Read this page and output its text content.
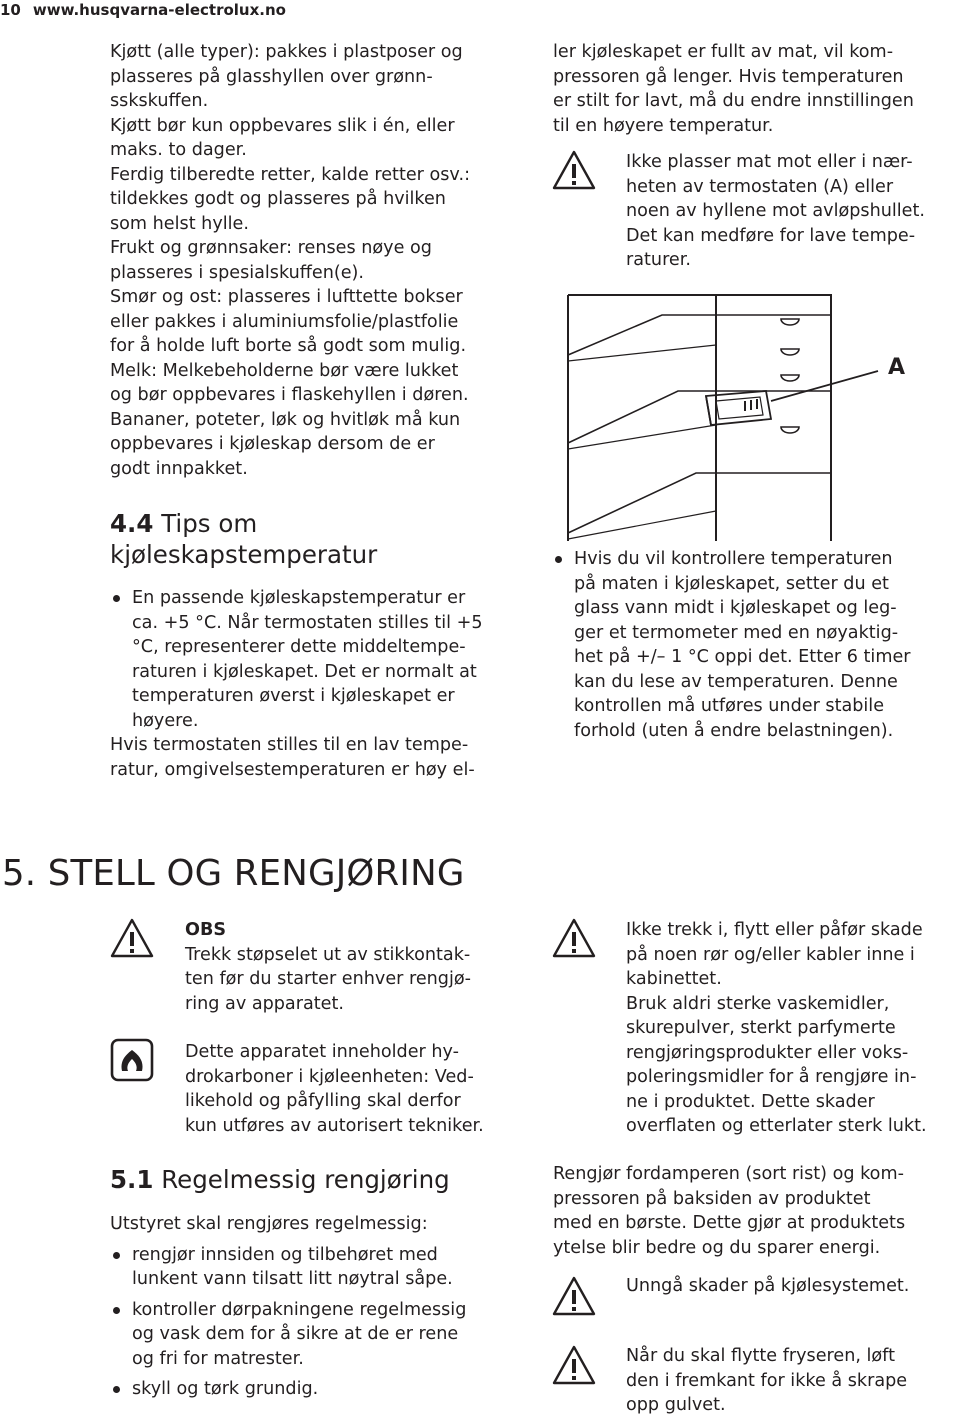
10 www.husqvarna-electrolux.no
Kjøtt (alle typer): pakkes i plastposer og
plasseres på glasshyllen over grønn-
sskskuffen.
Kjøtt bør kun oppbevares slik i én, eller
maks. to dager.
Ferdig tilberedte retter, kalde retter osv.:
tildekkes godt og plasseres på hvilken
som helst hylle.
Frukt og grønnsaker: renses nøye og
plasseres i spesialskuffen(e).
Smør og ost: plasseres i lufttette bokser
eller pakkes i aluminiumsfolie/plastfolie
for å holde luft borte så godt som mulig.
Melk: Melkebeholderne bør være lukket
og bør oppbevares i flaskehyllen i døren.
Bananer, poteter, løk og hvitløk må kun
oppbevares i kjøleskap dersom de er
godt innpakket.
4.4 Tips om
kjøleskapstemperatur
En passende kjøleskapstemperatur er
ca. +5 °C. Når termostaten stilles til +5
°C, representerer dette middeltempe-
raturen i kjøleskapet. Det er normalt at
temperaturen øverst i kjøleskapet er
høyere.
Hvis termostaten stilles til en lav tempe-
ratur, omgivelsestemperaturen er høy el-
ler kjøleskapet er fullt av mat, vil kom-
pressoren gå lenger. Hvis temperaturen
er stilt for lavt, må du endre innstillingen
til en høyere temperatur.
Ikke plasser mat mot eller i nær-
heten av termostaten (A) eller
noen av hyllene mot avløpshullet.
Det kan medføre for lave tempe-
raturer.
A
Hvis du vil kontrollere temperaturen
på maten i kjøleskapet, setter du et
glass vann midt i kjøleskapet og leg-
ger et termometer med en nøyaktig-
het på +/– 1 °C oppi det. Etter 6 timer
kan du lese av temperaturen. Denne
kontrollen må utføres under stabile
forhold (uten å endre belastningen).
5. STELL OG RENGJØRING
OBS
Trekk støpselet ut av stikkontak-
ten før du starter enhver rengjø-
ring av apparatet.
Dette apparatet inneholder hy-
drokarboner i kjøleenheten: Ved-
likehold og påfylling skal derfor
kun utføres av autorisert tekniker.
Ikke trekk i, flytt eller påfør skade
på noen rør og/eller kabler inne i
kabinettet.
Bruk aldri sterke vaskemidler,
skurepulver, sterkt parfymerte
rengjøringsprodukter eller voks-
poleringsmidler for å rengjøre in-
ne i produktet. Dette skader
overflaten og etterlater sterk lukt.
5.1 Regelmessig rengjøring
Utstyret skal rengjøres regelmessig:
rengjør innsiden og tilbehøret med
lunkent vann tilsatt litt nøytral såpe.
kontroller dørpakningene regelmessig
og vask dem for å sikre at de er rene
og fri for matrester.
skyll og tørk grundig.
Rengjør fordamperen (sort rist) og kom-
pressoren på baksiden av produktet
med en børste. Dette gjør at produktets
ytelse blir bedre og du sparer energi.
Unngå skader på kjølesystemet.
Når du skal flytte fryseren, løft
den i fremkant for ikke å skrape
opp gulvet.
